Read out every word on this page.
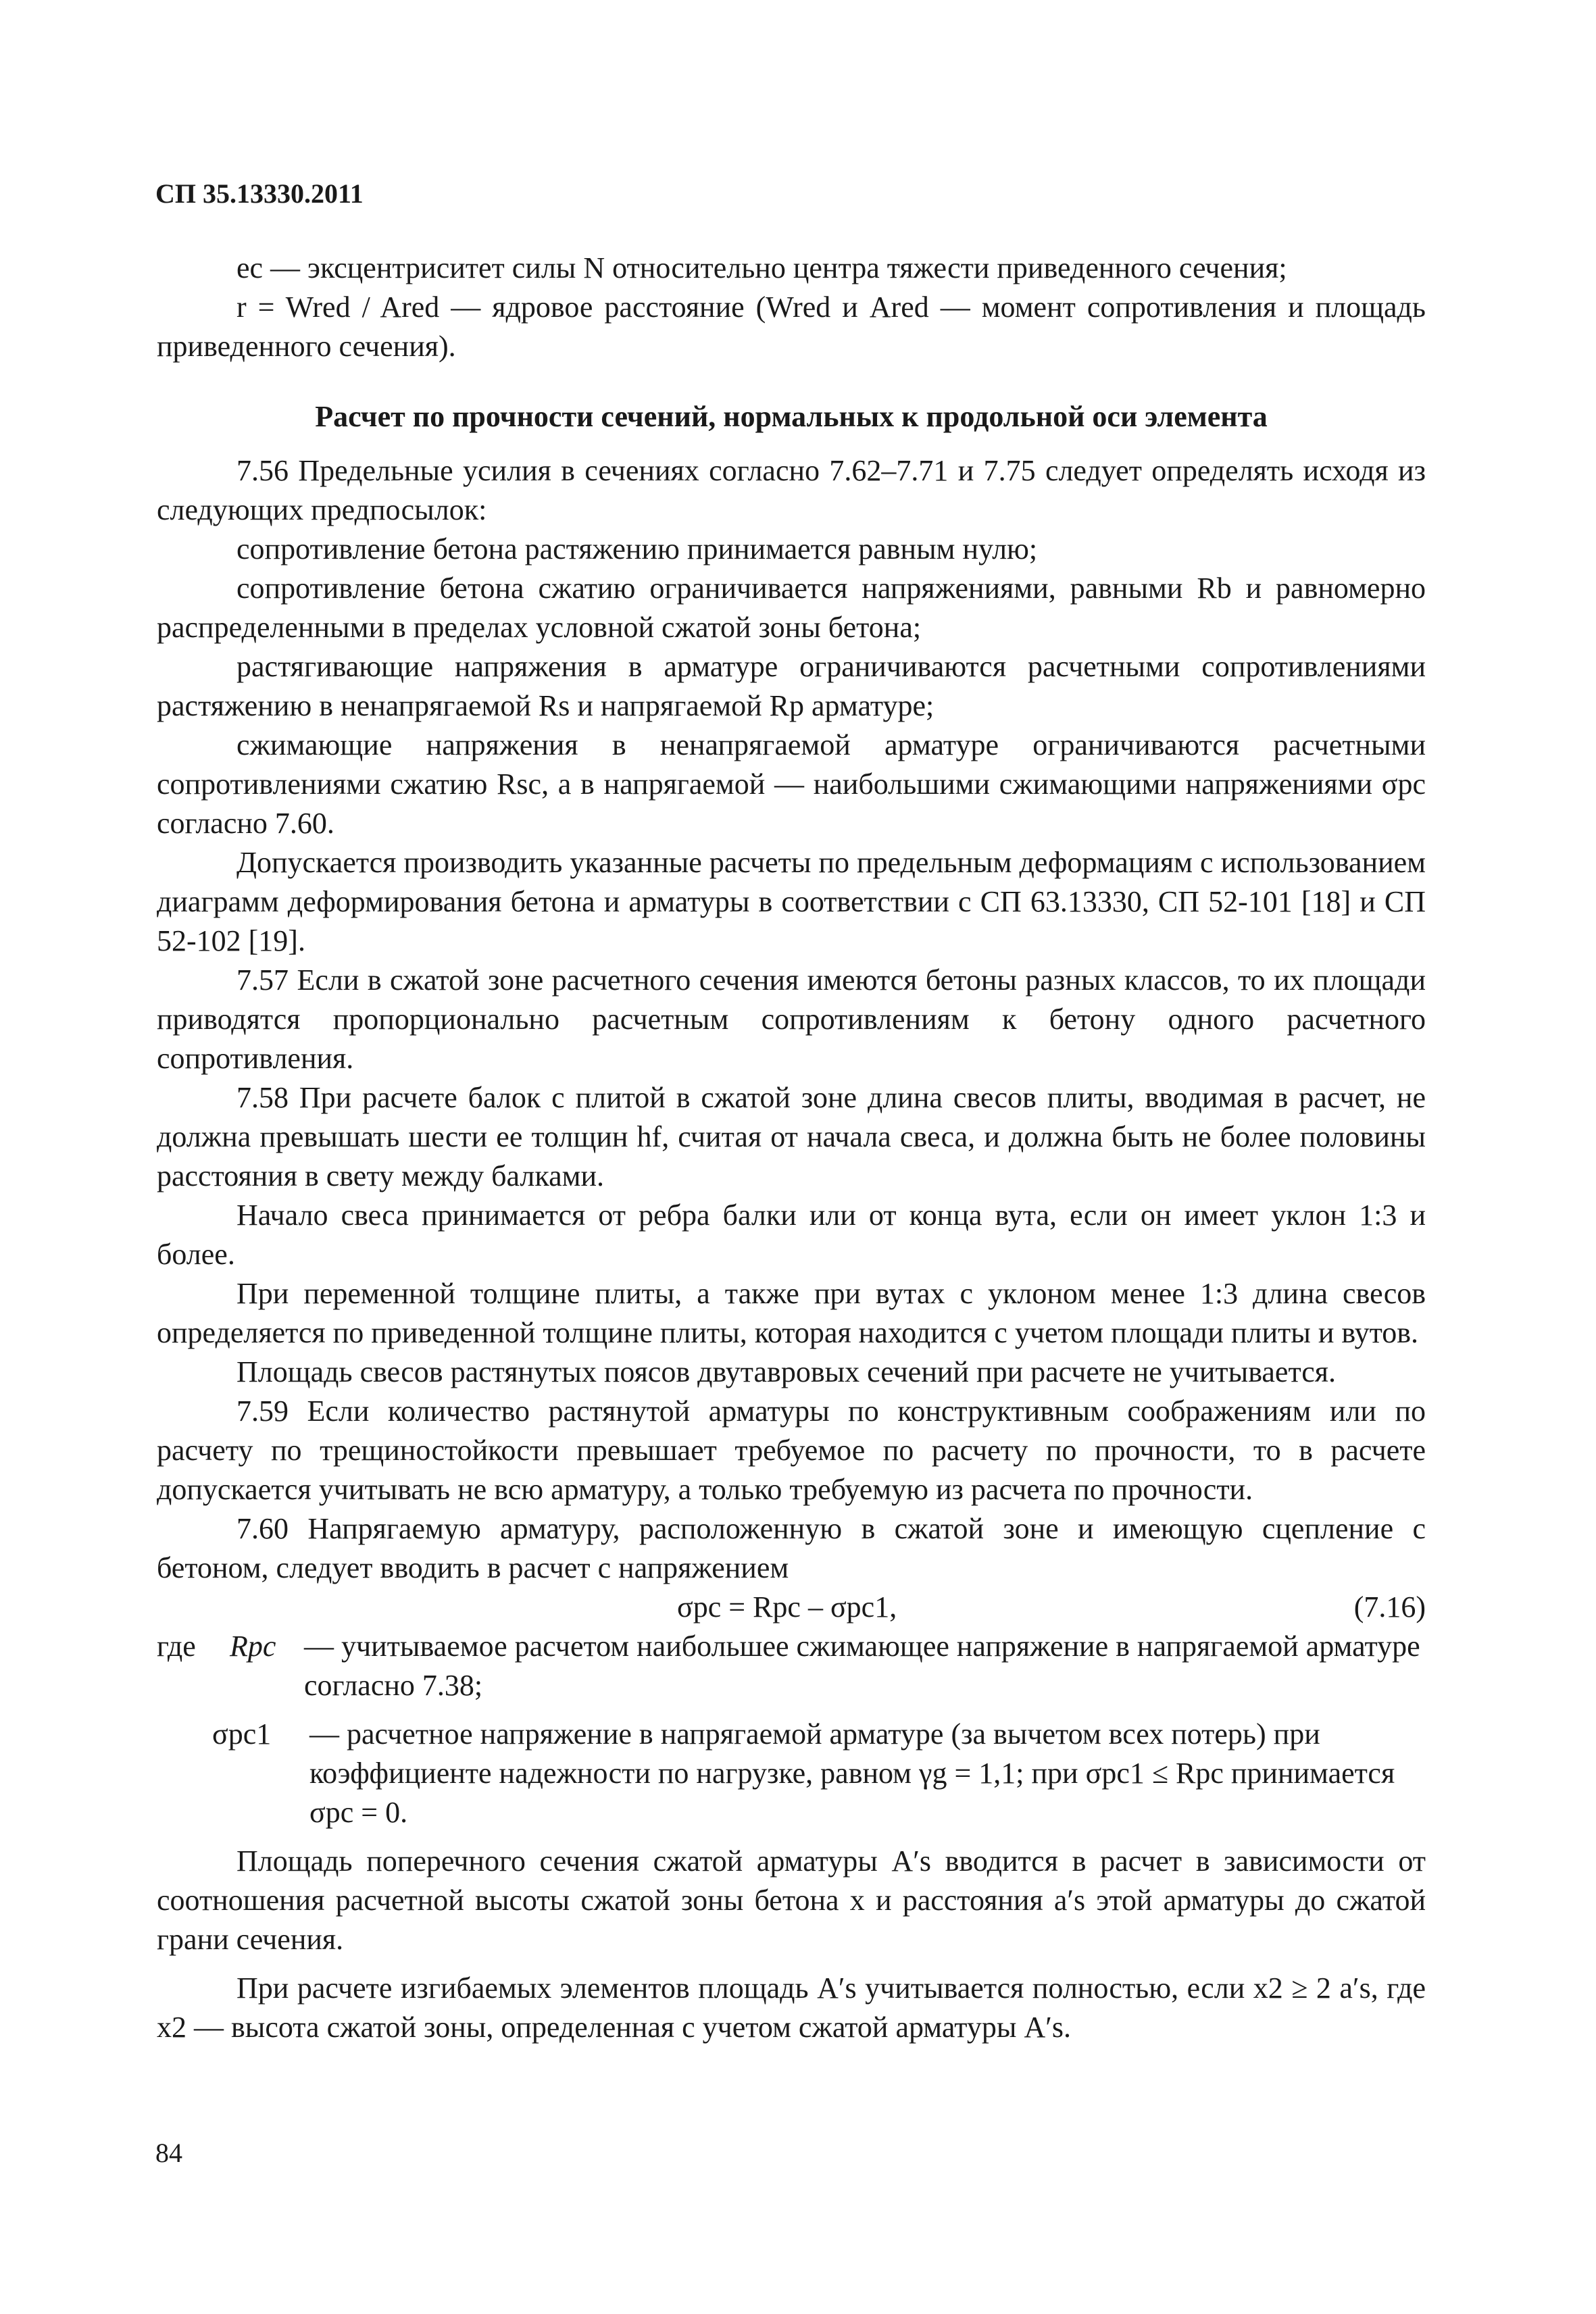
СП 35.13330.2011

eс — эксцентриситет силы N относительно центра тяжести приведенного сечения;

r = Wred / Ared — ядровое расстояние (Wred и Ared — момент сопротивления и площадь приведенного сечения).

Расчет по прочности сечений, нормальных к продольной оси элемента

7.56 Предельные усилия в сечениях согласно 7.62–7.71 и 7.75 следует определять исходя из следующих предпосылок:

сопротивление бетона растяжению принимается равным нулю;

сопротивление бетона сжатию ограничивается напряжениями, равными Rb и равномерно распределенными в пределах условной сжатой зоны бетона;

растягивающие напряжения в арматуре ограничиваются расчетными сопротивлениями растяжению в ненапрягаемой Rs и напрягаемой Rp арматуре;

сжимающие напряжения в ненапрягаемой арматуре ограничиваются расчетными сопротивлениями сжатию Rsc, а в напрягаемой — наибольшими сжимающими напряжениями σpc согласно 7.60.

Допускается производить указанные расчеты по предельным деформациям с использованием диаграмм деформирования бетона и арматуры в соответствии с СП 63.13330, СП 52-101 [18] и СП 52-102 [19].

7.57 Если в сжатой зоне расчетного сечения имеются бетоны разных классов, то их площади приводятся пропорционально расчетным сопротивлениям к бетону одного расчетного сопротивления.

7.58 При расчете балок с плитой в сжатой зоне длина свесов плиты, вводимая в расчет, не должна превышать шести ее толщин hf, считая от начала свеса, и должна быть не более половины расстояния в свету между балками.

Начало свеса принимается от ребра балки или от конца вута, если он имеет уклон 1:3 и более.

При переменной толщине плиты, а также при вутах с уклоном менее 1:3 длина свесов определяется по приведенной толщине плиты, которая находится с учетом площади плиты и вутов.

Площадь свесов растянутых поясов двутавровых сечений при расчете не учитывается.

7.59 Если количество растянутой арматуры по конструктивным соображениям или по расчету по трещиностойкости превышает требуемое по расчету по прочности, то в расчете допускается учитывать не всю арматуру, а только требуемую из расчета по прочности.

7.60 Напрягаемую арматуру, расположенную в сжатой зоне и имеющую сцепление с бетоном, следует вводить в расчет с напряжением

σpc = Rpc – σpc1,	(7.16)
где	Rpc — учитываемое расчетом наибольшее сжимающее напряжение в напрягаемой арматуре согласно 7.38;
σpc1	— расчетное напряжение в напрягаемой арматуре (за вычетом всех потерь) при коэффициенте надежности по нагрузке, равном γg = 1,1; при σpc1 ≤ Rpc принимается σpc = 0.

Площадь поперечного сечения сжатой арматуры A′s вводится в расчет в зависимости от соотношения расчетной высоты сжатой зоны бетона x и расстояния a′s этой арматуры до сжатой грани сечения.

При расчете изгибаемых элементов площадь A′s учитывается полностью, если x2 ≥ 2 a′s, где x2 — высота сжатой зоны, определенная с учетом сжатой арматуры A′s.

84
